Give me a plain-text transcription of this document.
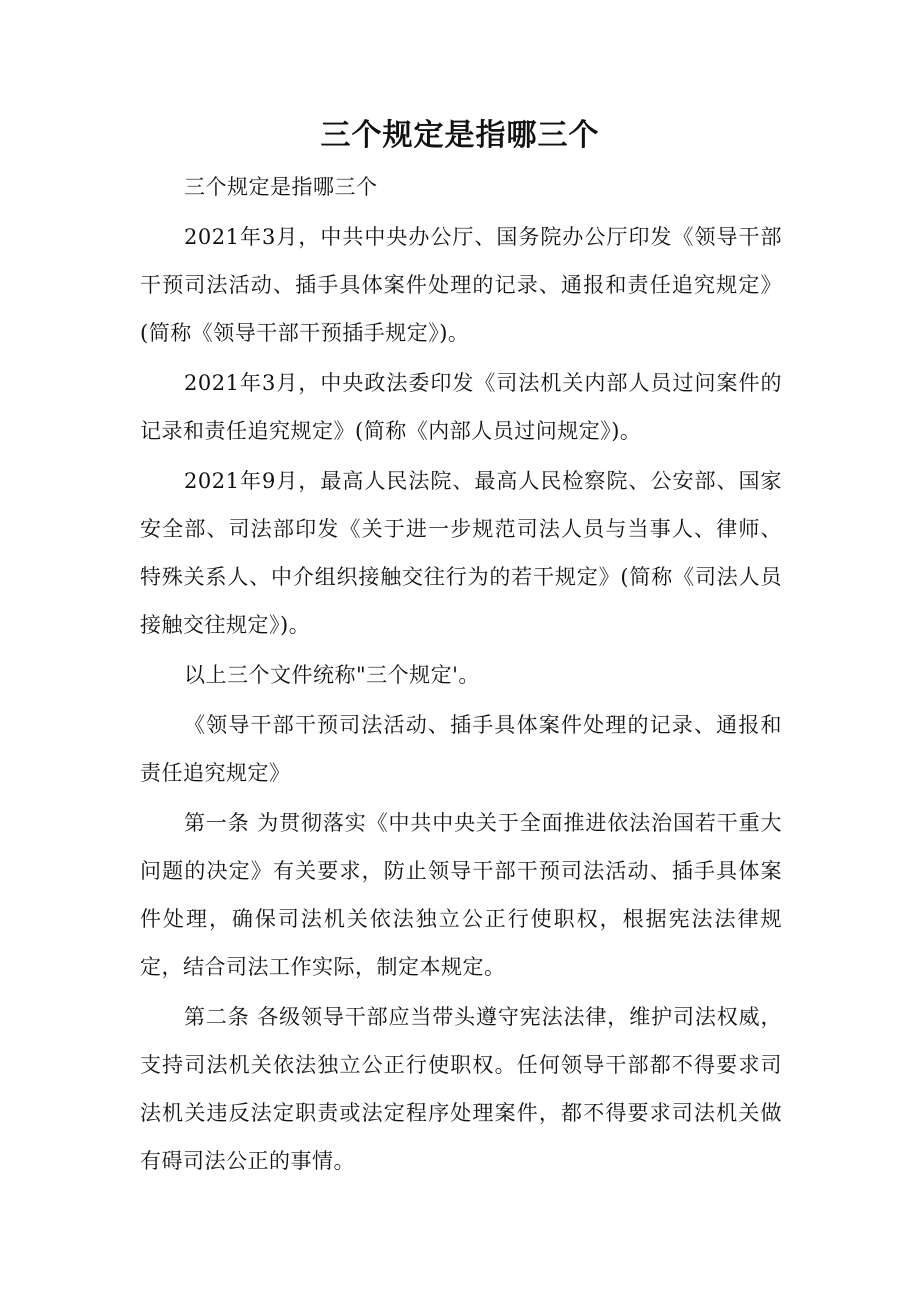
三个规定是指哪三个

三个规定是指哪三个

2021年3月，中共中央办公厅、国务院办公厅印发《领导干部干预司法活动、插手具体案件处理的记录、通报和责任追究规定》(简称《领导干部干预插手规定》)。

2021年3月，中央政法委印发《司法机关内部人员过问案件的记录和责任追究规定》(简称《内部人员过问规定》)。

2021年9月，最高人民法院、最高人民检察院、公安部、国家安全部、司法部印发《关于进一步规范司法人员与当事人、律师、特殊关系人、中介组织接触交往行为的若干规定》(简称《司法人员接触交往规定》)。

以上三个文件统称"三个规定'。

《领导干部干预司法活动、插手具体案件处理的记录、通报和责任追究规定》

第一条 为贯彻落实《中共中央关于全面推进依法治国若干重大问题的决定》有关要求，防止领导干部干预司法活动、插手具体案件处理，确保司法机关依法独立公正行使职权，根据宪法法律规定，结合司法工作实际，制定本规定。

第二条 各级领导干部应当带头遵守宪法法律，维护司法权威，支持司法机关依法独立公正行使职权。任何领导干部都不得要求司法机关违反法定职责或法定程序处理案件，都不得要求司法机关做有碍司法公正的事情。
